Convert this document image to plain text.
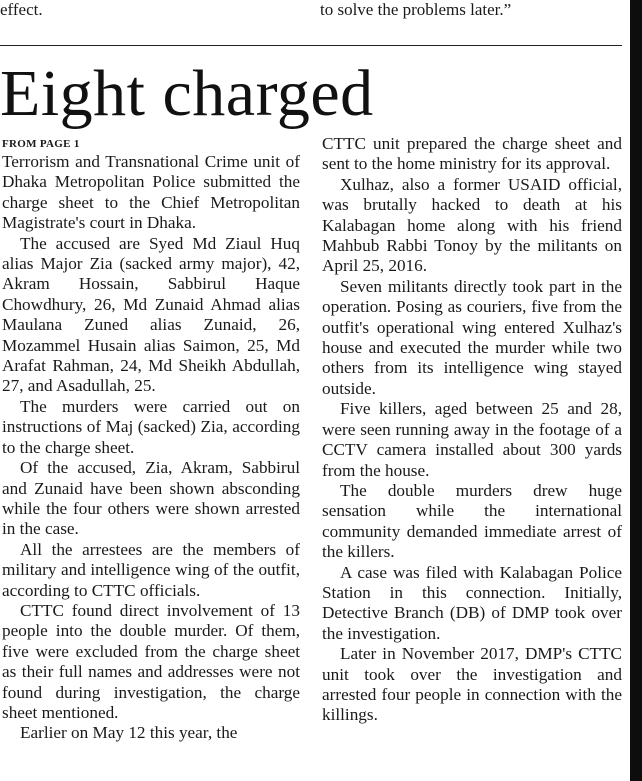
effect.	to solve the problems later.”
Eight charged
FROM PAGE 1

Terrorism and Transnational Crime unit of Dhaka Metropolitan Police submitted the charge sheet to the Chief Metropolitan Magistrate's court in Dhaka.

The accused are Syed Md Ziaul Huq alias Major Zia (sacked army major), 42, Akram Hossain, Sabbirul Haque Chowdhury, 26, Md Zunaid Ahmad alias Maulana Zuned alias Zunaid, 26, Mozammel Husain alias Saimon, 25, Md Arafat Rahman, 24, Md Sheikh Abdullah, 27, and Asadullah, 25.

The murders were carried out on instructions of Maj (sacked) Zia, according to the charge sheet.

Of the accused, Zia, Akram, Sabbirul and Zunaid have been shown absconding while the four others were shown arrested in the case.

All the arrestees are the members of military and intelligence wing of the outfit, according to CTTC officials.

CTTC found direct involvement of 13 people into the double murder. Of them, five were excluded from the charge sheet as their full names and addresses were not found during investigation, the charge sheet mentioned.

Earlier on May 12 this year, the

CTTC unit prepared the charge sheet and sent to the home ministry for its approval.

Xulhaz, also a former USAID official, was brutally hacked to death at his Kalabagan home along with his friend Mahbub Rabbi Tonoy by the militants on April 25, 2016.

Seven militants directly took part in the operation. Posing as couriers, five from the outfit's operational wing entered Xulhaz's house and executed the murder while two others from its intelligence wing stayed outside.

Five killers, aged between 25 and 28, were seen running away in the footage of a CCTV camera installed about 300 yards from the house.

The double murders drew huge sensation while the international community demanded immediate arrest of the killers.

A case was filed with Kalabagan Police Station in this connection. Initially, Detective Branch (DB) of DMP took over the investigation.

Later in November 2017, DMP's CTTC unit took over the investigation and arrested four people in connection with the killings.
